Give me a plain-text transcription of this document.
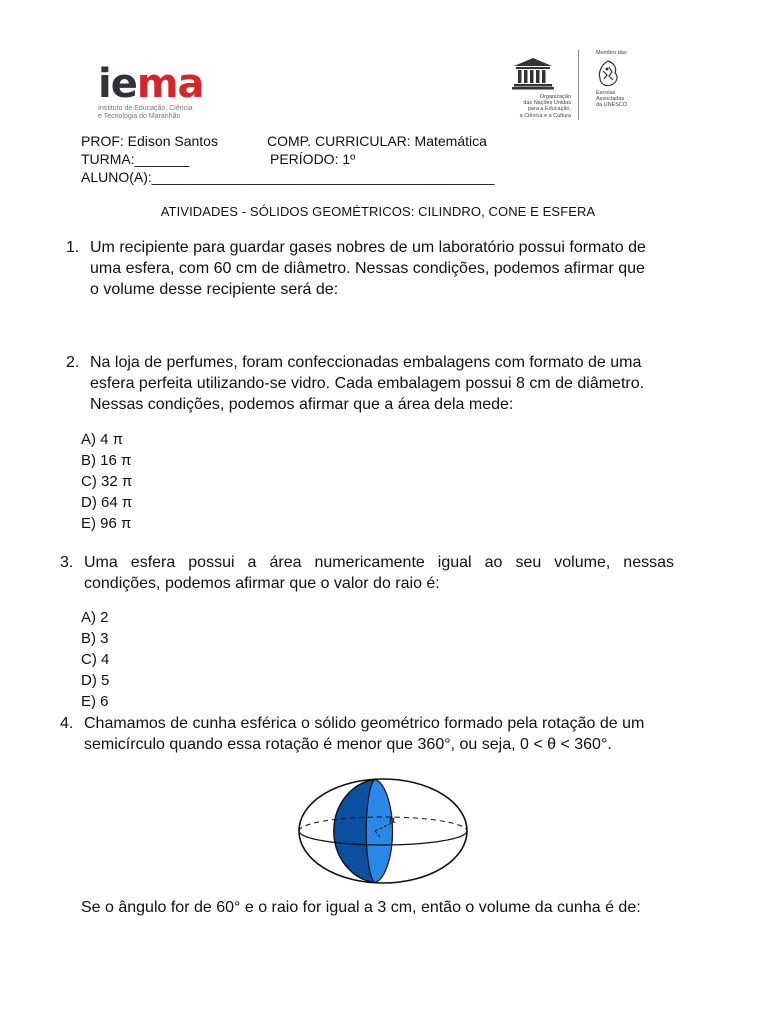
iema
Instituto de Educação, Ciência
e Tecnologia do Maranhão
Organização
das Nações Unidas
para a Educação,
a Ciência e a Cultura
Membro das
Escolas
Associadas
da UNESCO
PROF: Edison Santos	COMP. CURRICULAR: Matemática
TURMA:_______	PERÍODO: 1º
ALUNO(A):____________________________________________
ATIVIDADES - SÓLIDOS GEOMÉTRICOS: CILINDRO, CONE E ESFERA
1. Um recipiente para guardar gases nobres de um laboratório possui formato de
uma esfera, com 60 cm de diâmetro. Nessas condições, podemos afirmar que
o volume desse recipiente será de:
2. Na loja de perfumes, foram confeccionadas embalagens com formato de uma
esfera perfeita utilizando-se vidro. Cada embalagem possui 8 cm de diâmetro.
Nessas condições, podemos afirmar que a área dela mede:
A) 4 π
B) 16 π
C) 32 π
D) 64 π
E) 96 π
3. Uma esfera possui a área numericamente igual ao seu volume, nessas
condições, podemos afirmar que o valor do raio é:
A) 2
B) 3
C) 4
D) 5
E) 6
4. Chamamos de cunha esférica o sólido geométrico formado pela rotação de um
semicírculo quando essa rotação é menor que 360°, ou seja, 0 < θ < 360°.
α
Se o ângulo for de 60° e o raio for igual a 3 cm, então o volume da cunha é de:
